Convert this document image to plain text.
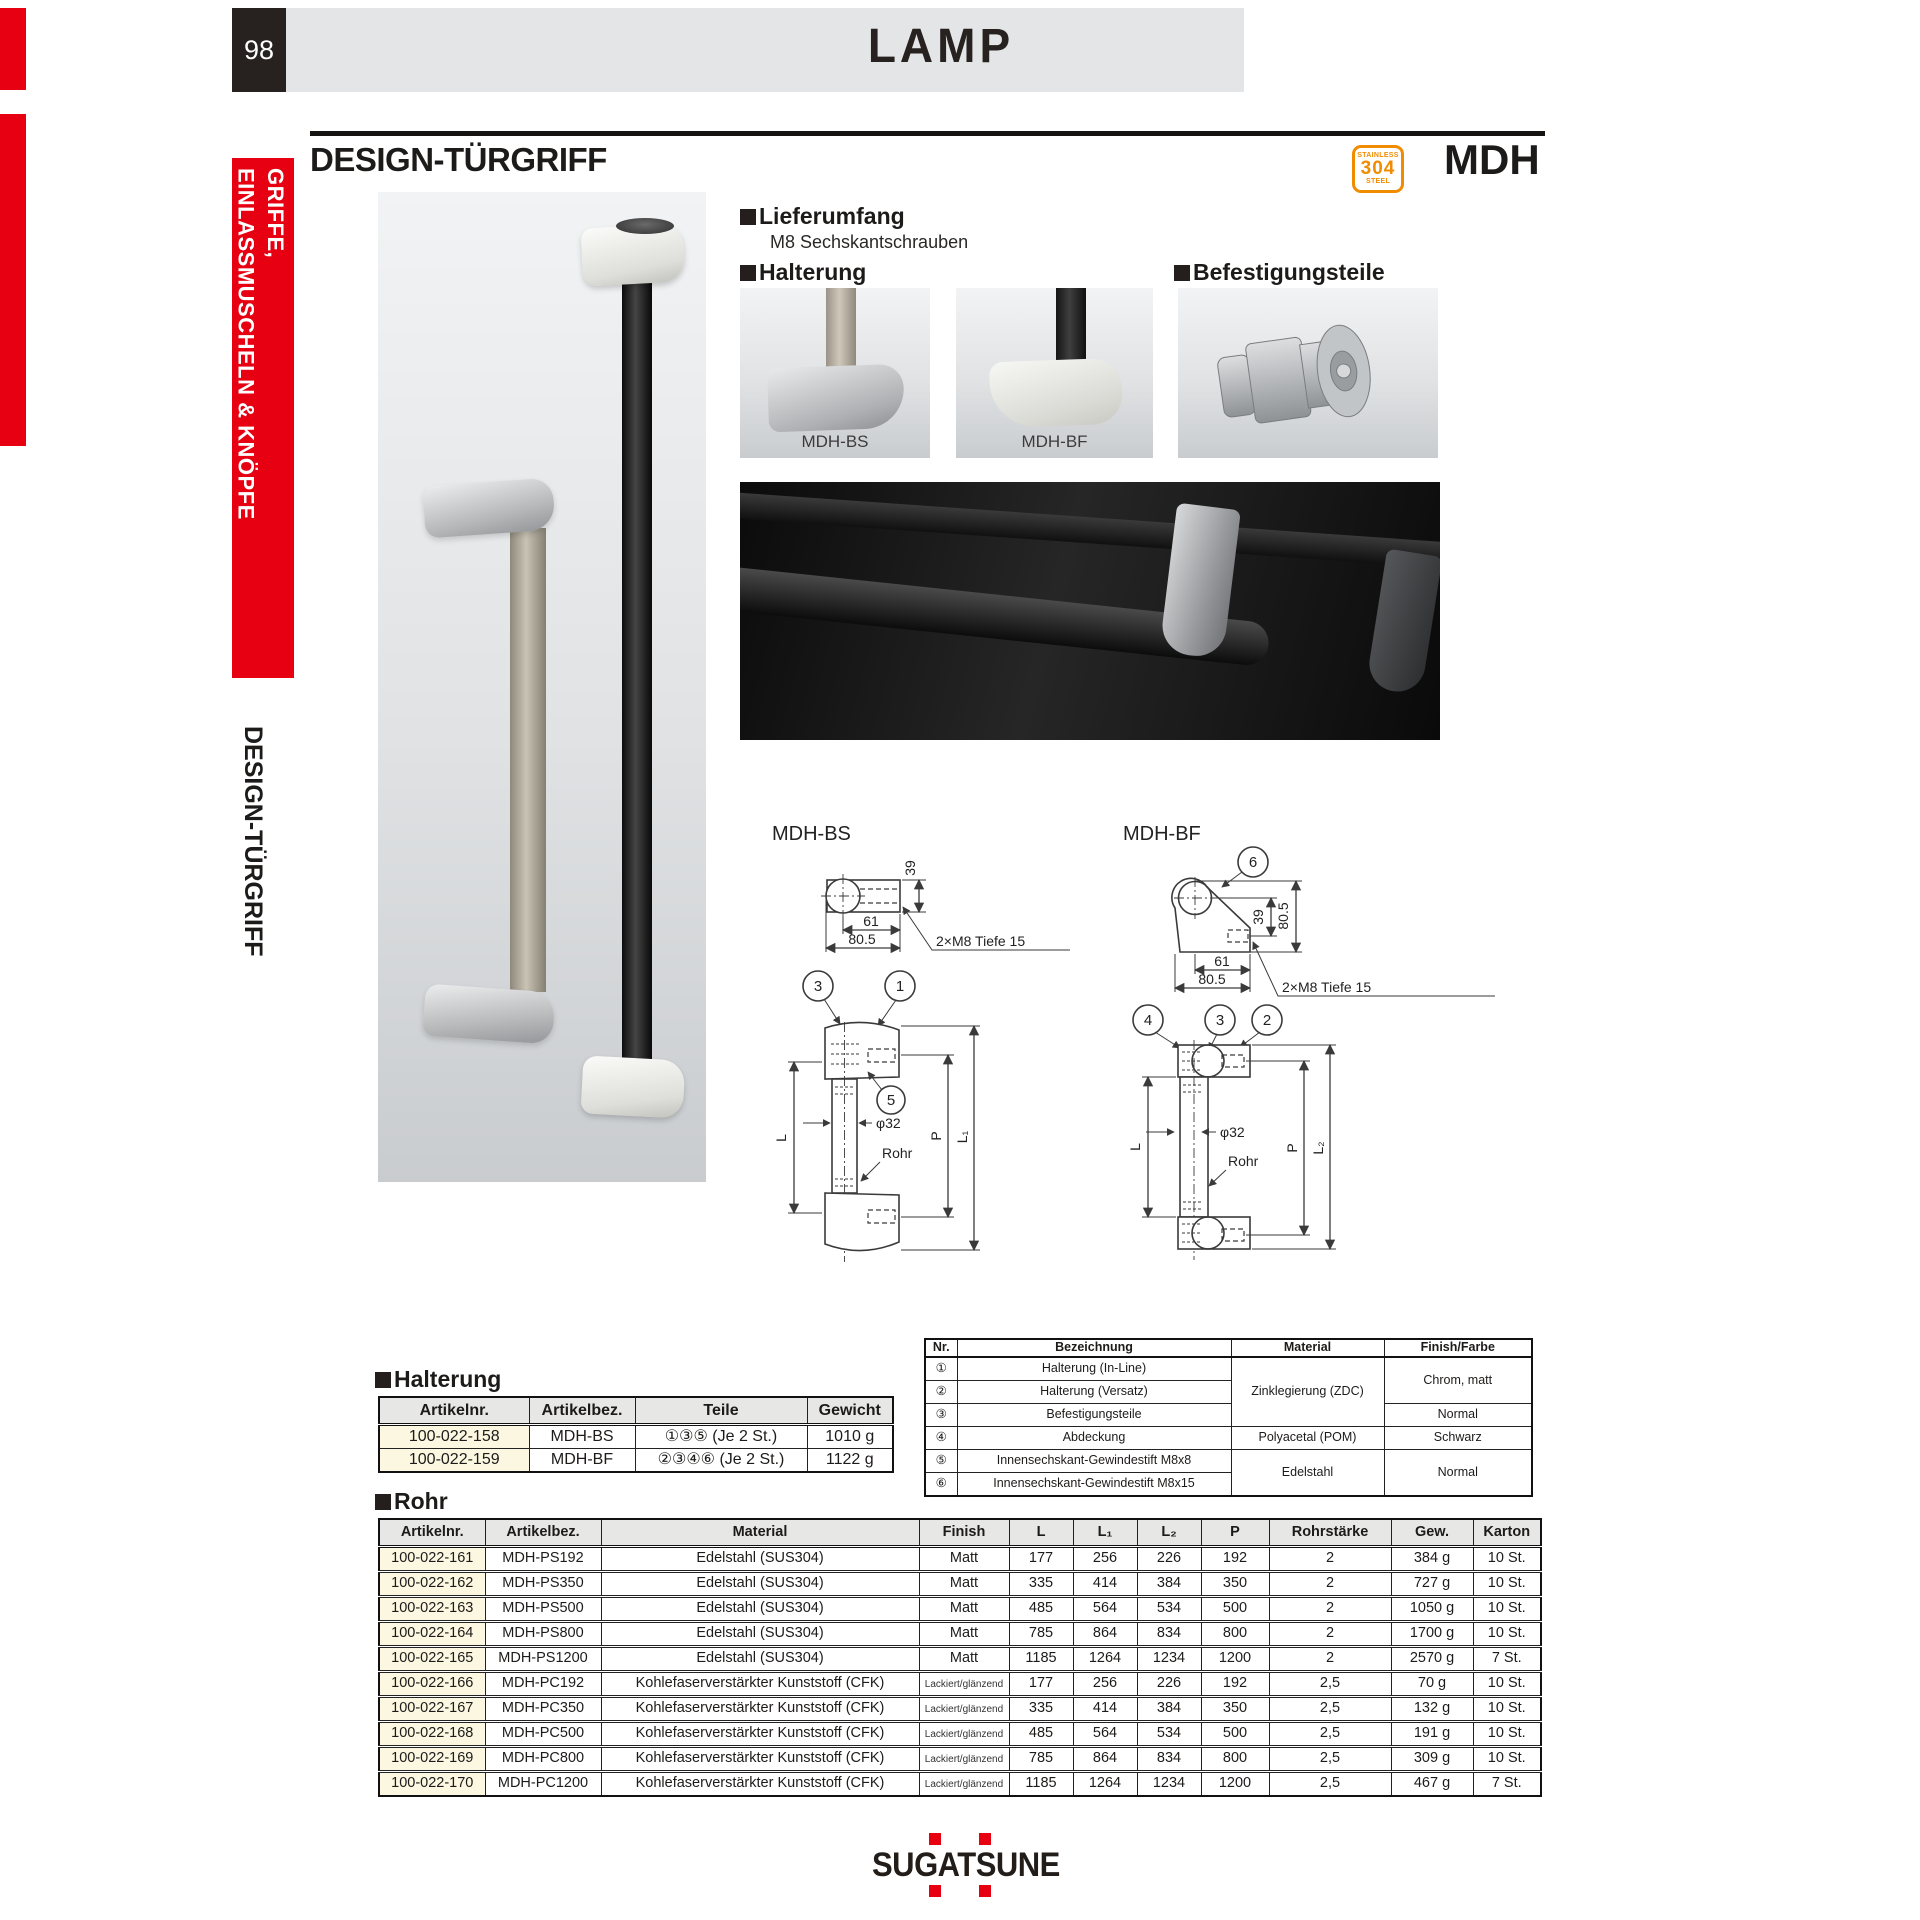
98	LAMP
DESIGN-TÜRGRIFF	STAINLESS
304
STEEL MDH
GRIFFE,
EINLASSMUSCHELN & KNÖPFE
DESIGN-TÜRGRIFF
Lieferumfang
M8 Sechskantschrauben
Halterung	Befestigungsteile
MDH-BS	MDH-BF
MDH-BS
39
61
80.5	2×M8 Tiefe 15
3	1
5
φ32
Rohr
L	P L₁
MDH-BF
61
80.5
39 80.5
6
2×M8 Tiefe 15
4	3	2
L
φ32
Rohr
P L₂
Halterung
Artikelnr.	Artikelbez.	Teile	Gewicht
100-022-158	MDH-BS	①③⑤ (Je 2 St.)	1010 g
100-022-159	MDH-BF	②③④⑥ (Je 2 St.)	1122 g
Nr.	Bezeichnung	Material	Finish/Farbe
①	Halterung (In-Line)	Zinklegierung (ZDC)	Chrom, matt
②	Halterung (Versatz)		
③	Befestigungsteile		Normal
④	Abdeckung	Polyacetal (POM)	Schwarz
⑤	Innensechskant-Gewindestift M8x8	Edelstahl	Normal
⑥	Innensechskant-Gewindestift M8x15		
Rohr
Artikelnr.	Artikelbez.	Material	Finish	L	L₁	L₂	P	Rohrstärke	Gew.	Karton
100-022-161	MDH-PS192	Edelstahl (SUS304)	Matt	177	256	226	192	2	384 g	10 St.
100-022-162	MDH-PS350	Edelstahl (SUS304)	Matt	335	414	384	350	2	727 g	10 St.
100-022-163	MDH-PS500	Edelstahl (SUS304)	Matt	485	564	534	500	2	1050 g	10 St.
100-022-164	MDH-PS800	Edelstahl (SUS304)	Matt	785	864	834	800	2	1700 g	10 St.
100-022-165	MDH-PS1200	Edelstahl (SUS304)	Matt	1185	1264	1234	1200	2	2570 g	7 St.
100-022-166	MDH-PC192	Kohlefaserverstärkter Kunststoff (CFK)	Lackiert/glänzend	177	256	226	192	2,5	70 g	10 St.
100-022-167	MDH-PC350	Kohlefaserverstärkter Kunststoff (CFK)	Lackiert/glänzend	335	414	384	350	2,5	132 g	10 St.
100-022-168	MDH-PC500	Kohlefaserverstärkter Kunststoff (CFK)	Lackiert/glänzend	485	564	534	500	2,5	191 g	10 St.
100-022-169	MDH-PC800	Kohlefaserverstärkter Kunststoff (CFK)	Lackiert/glänzend	785	864	834	800	2,5	309 g	10 St.
100-022-170	MDH-PC1200	Kohlefaserverstärkter Kunststoff (CFK)	Lackiert/glänzend	1185	1264	1234	1200	2,5	467 g	7 St.
SUGATSUNE
